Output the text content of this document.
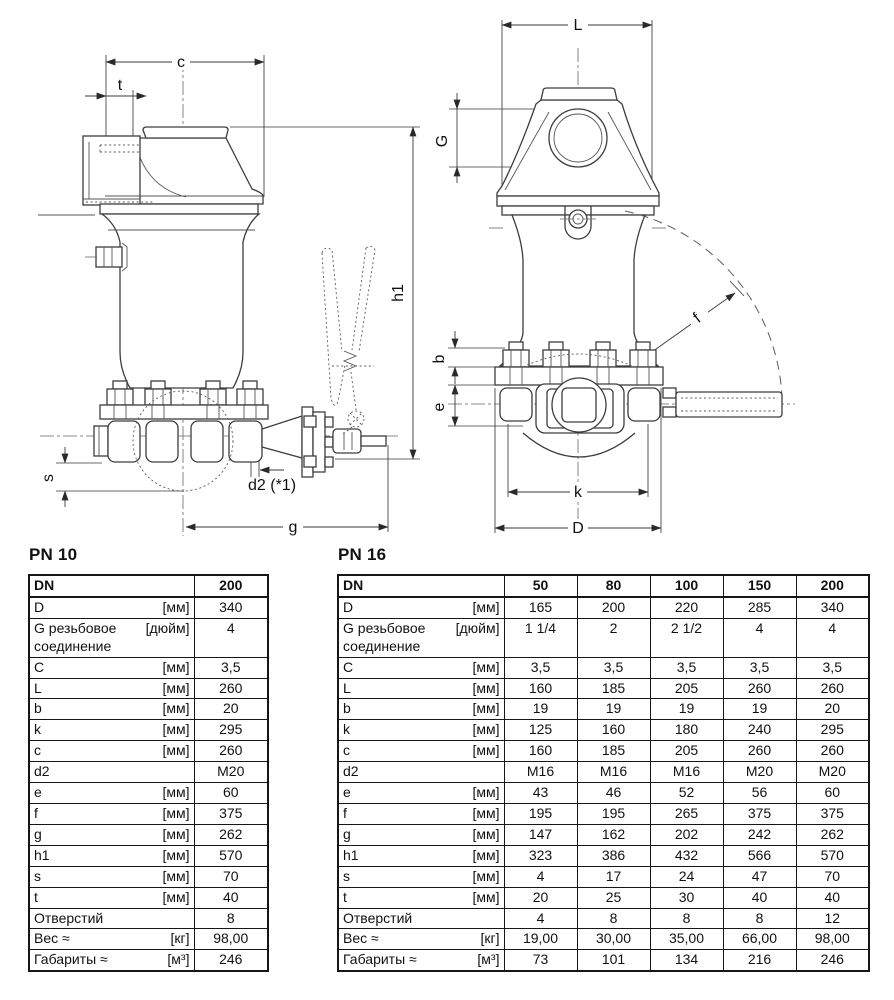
c
t
h1
s	d2 (*1)
g
L
G
b
e
f
k
D
PN 10
DN	200

D [мм]	340

G резьбовое соединение
[дюйм]	4

C [мм]	3,5

L [мм]	260

b [мм]	20

k [мм]	295

c [мм]	260

d2	M20

e [мм]	60

f [мм]	375

g [мм]	262

h1 [мм]	570

s [мм]	70

t [мм]	40

Отверстий	8

Вес ≈ [кг]	98,00

Габариты ≈ [м³]	246
PN 16
DN	50	80	100	150	200

D [мм]	165	200	220	285	340

G резьбовое соединение
[дюйм]	1 1/4	2	2 1/2	4	4

C [мм]	3,5	3,5	3,5	3,5	3,5

L [мм]	160	185	205	260	260

b [мм]	19	19	19	19	20

k [мм]	125	160	180	240	295

c [мм]	160	185	205	260	260

d2	M16	M16	M16	M20	M20

e [мм]	43	46	52	56	60

f [мм]	195	195	265	375	375

g [мм]	147	162	202	242	262

h1 [мм]	323	386	432	566	570

s [мм]	4	17	24	47	70

t [мм]	20	25	30	40	40

Отверстий	4	8	8	8	12

Вес ≈ [кг]	19,00	30,00	35,00	66,00	98,00

Габариты ≈ [м³]	73	101	134	216	246
